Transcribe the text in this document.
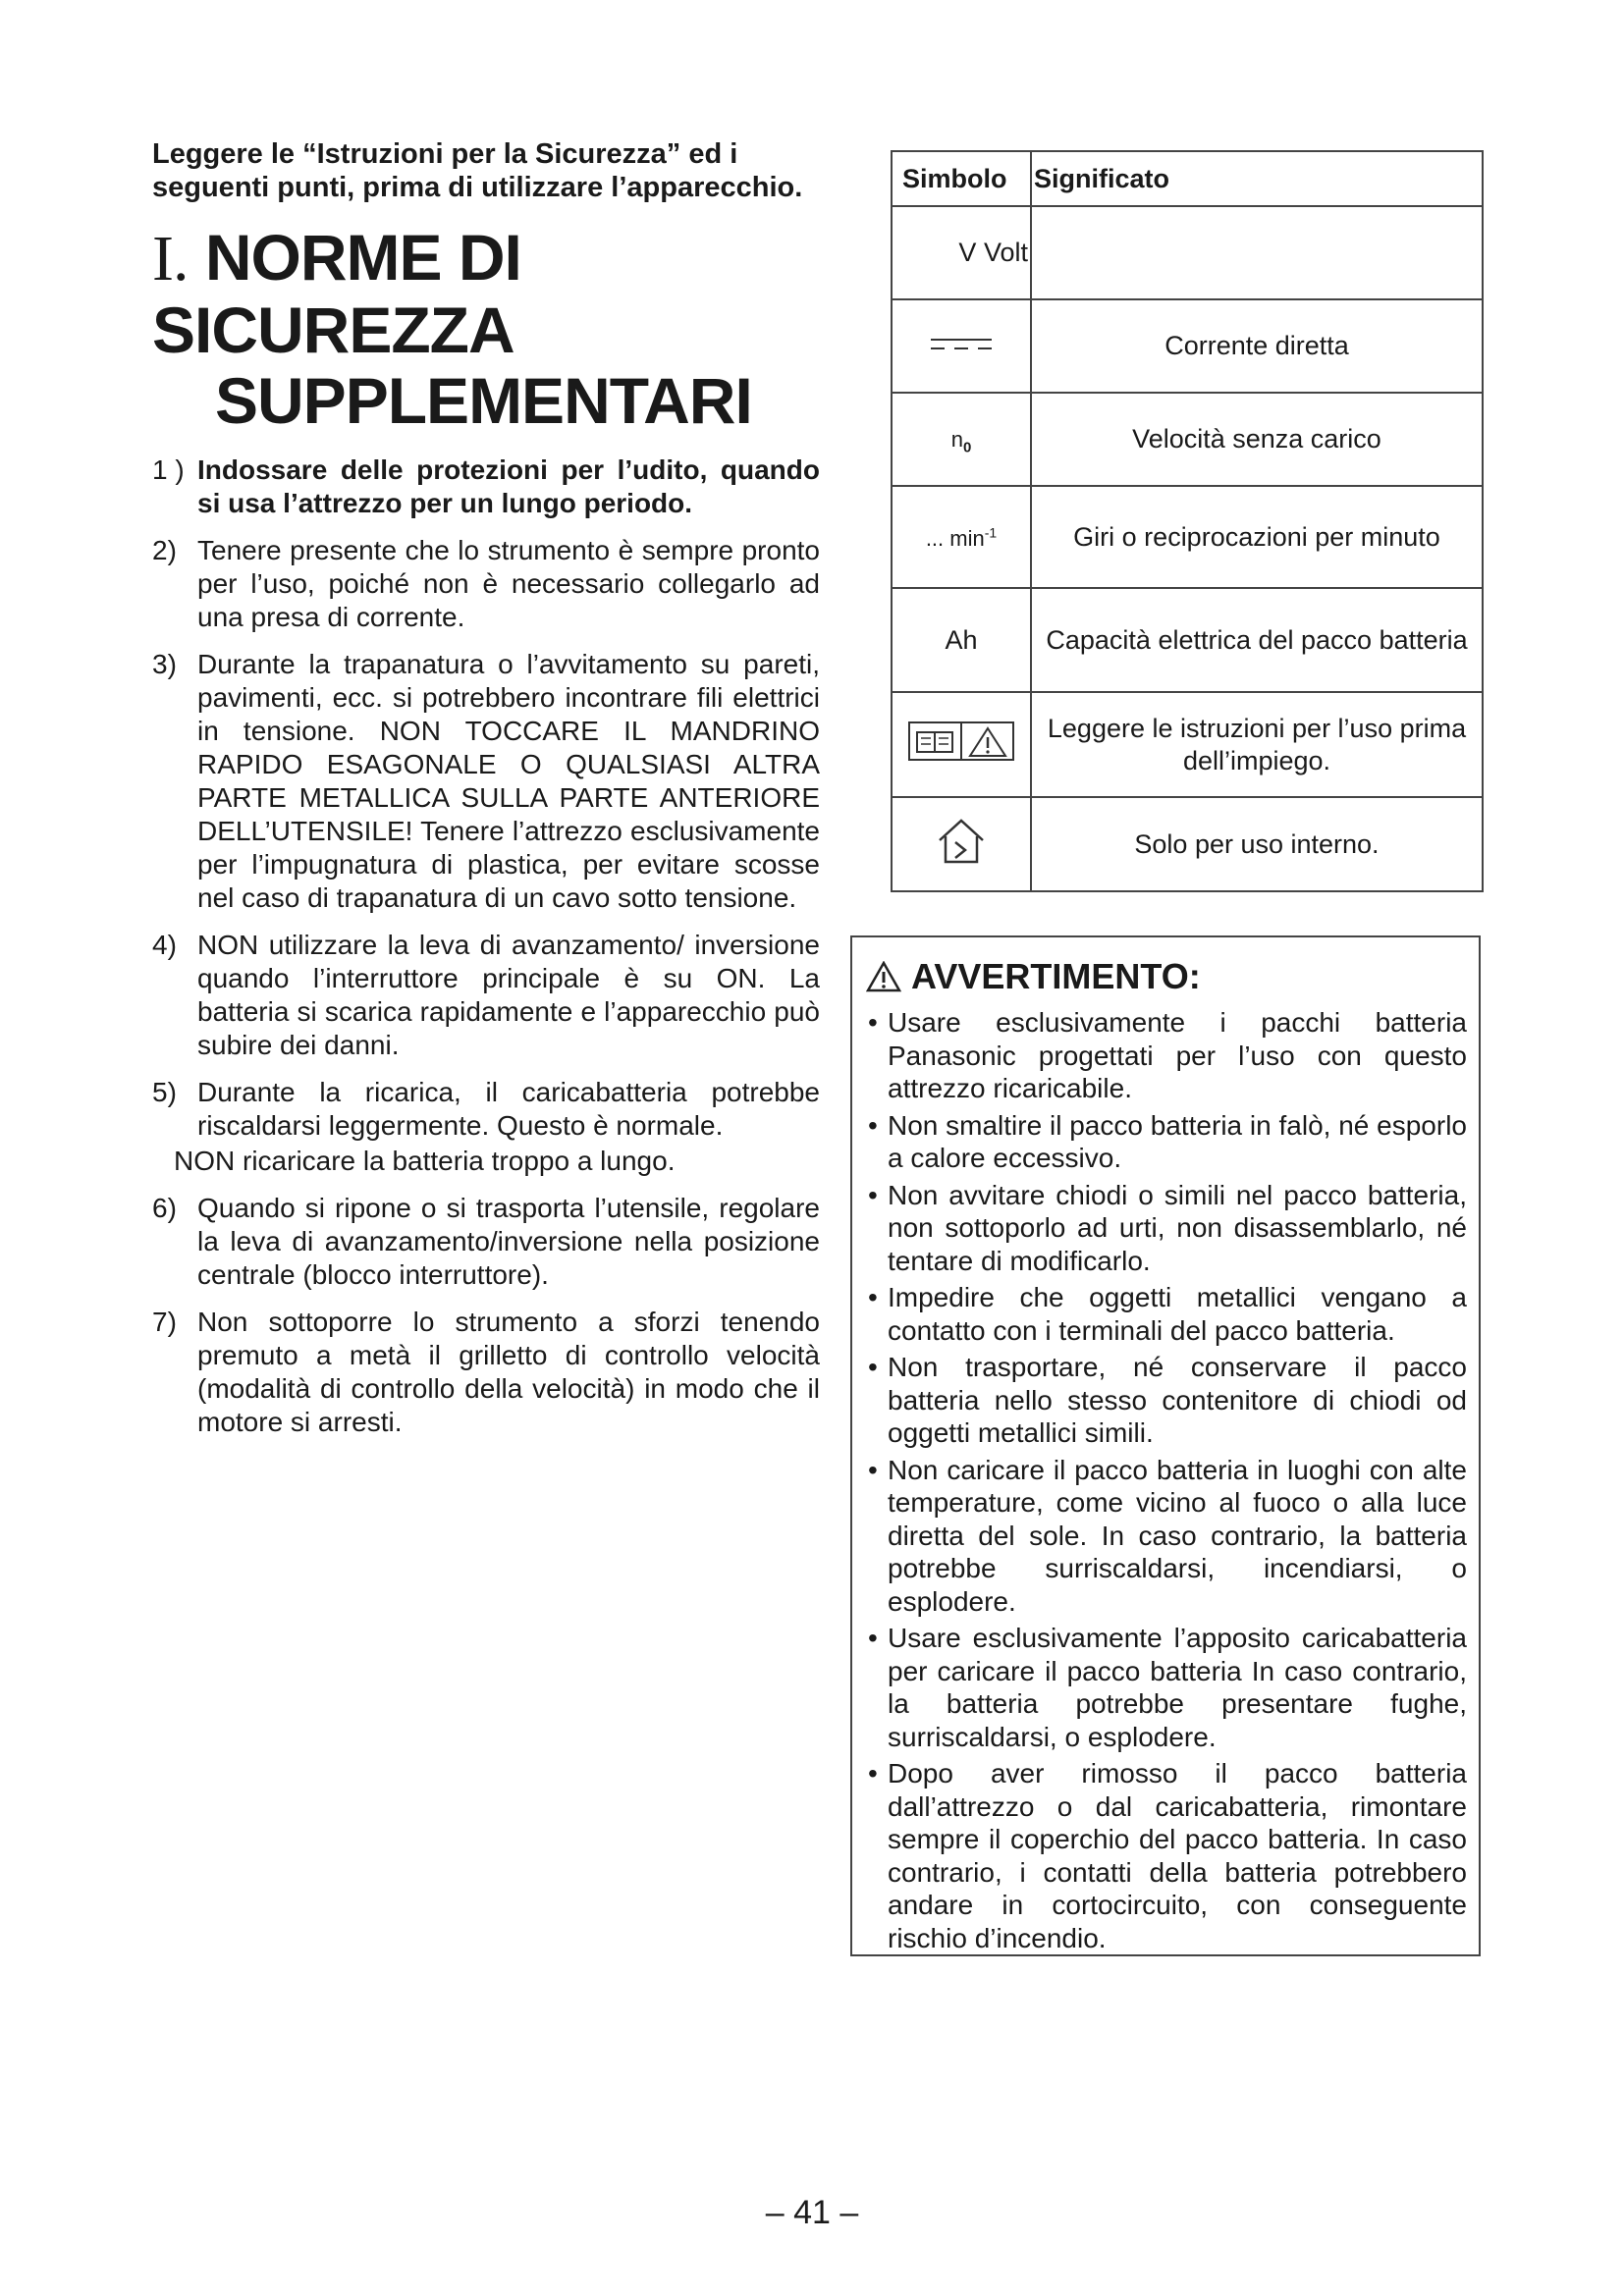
Leggere le “Istruzioni per la Sicurezza” ed i seguenti punti, prima di utilizzare l’apparecchio.

I. NORME DI SICUREZZA
SUPPLEMENTARI
1 ) Indossare delle protezioni per l’udito, quando si usa l’attrezzo per un lungo periodo.
2) Tenere presente che lo strumento è sempre pronto per l’uso, poiché non è necessario collegarlo ad una presa di corrente.
3) Durante la trapanatura o l’avvitamento su pareti, pavimenti, ecc. si potrebbero incontrare fili elettrici in tensione. NON TOCCARE IL MANDRINO RAPIDO ESAGONALE O QUALSIASI ALTRA PARTE METALLICA SULLA PARTE ANTERIORE DELL’UTENSILE! Tenere l’attrezzo esclusivamente per l’impugnatura di plastica, per evitare scosse nel caso di trapanatura di un cavo sotto tensione.
4) NON utilizzare la leva di avanzamento/ inversione quando l’interruttore principale è su ON. La batteria si scarica rapidamente e l’apparecchio può subire dei danni.
5) Durante la ricarica, il caricabatteria potrebbe riscaldarsi leggermente. Questo è normale.
NON ricaricare la batteria troppo a lungo.
6) Quando si ripone o si trasporta l’utensile, regolare la leva di avanzamento/inversione nella posizione centrale (blocco interruttore).
7) Non sottoporre lo strumento a sforzi tenendo premuto a metà il grilletto di controllo velocità (modalità di controllo della velocità) in modo che il motore si arresti.
Simbolo	Significato
V Volt	
	Corrente diretta
$n_0$	Velocità senza carico
... $\min^{-1}$	Giri o reciprocazioni per minuto
Ah	Capacità elettrica del pacco batteria
	Leggere le istruzioni per l’uso prima dell’impiego.
	Solo per uso interno.
AVVERTIMENTO:
• Usare esclusivamente i pacchi batteria Panasonic progettati per l’uso con questo attrezzo ricaricabile.
• Non smaltire il pacco batteria in falò, né esporlo a calore eccessivo.
• Non avvitare chiodi o simili nel pacco batteria, non sottoporlo ad urti, non disassemblarlo, né tentare di modificarlo.
• Impedire che oggetti metallici vengano a contatto con i terminali del pacco batteria.
• Non trasportare, né conservare il pacco batteria nello stesso contenitore di chiodi od oggetti metallici simili.
• Non caricare il pacco batteria in luoghi con alte temperature, come vicino al fuoco o alla luce diretta del sole. In caso contrario, la batteria potrebbe surriscaldarsi, incendiarsi, o esplodere.
• Usare esclusivamente l’apposito caricabatteria per caricare il pacco batteria In caso contrario, la batteria potrebbe presentare fughe, surriscaldarsi, o esplodere.
• Dopo aver rimosso il pacco batteria dall’attrezzo o dal caricabatteria, rimontare sempre il coperchio del pacco batteria. In caso contrario, i contatti della batteria potrebbero andare in cortocircuito, con conseguente rischio d’incendio.
– 41 –
